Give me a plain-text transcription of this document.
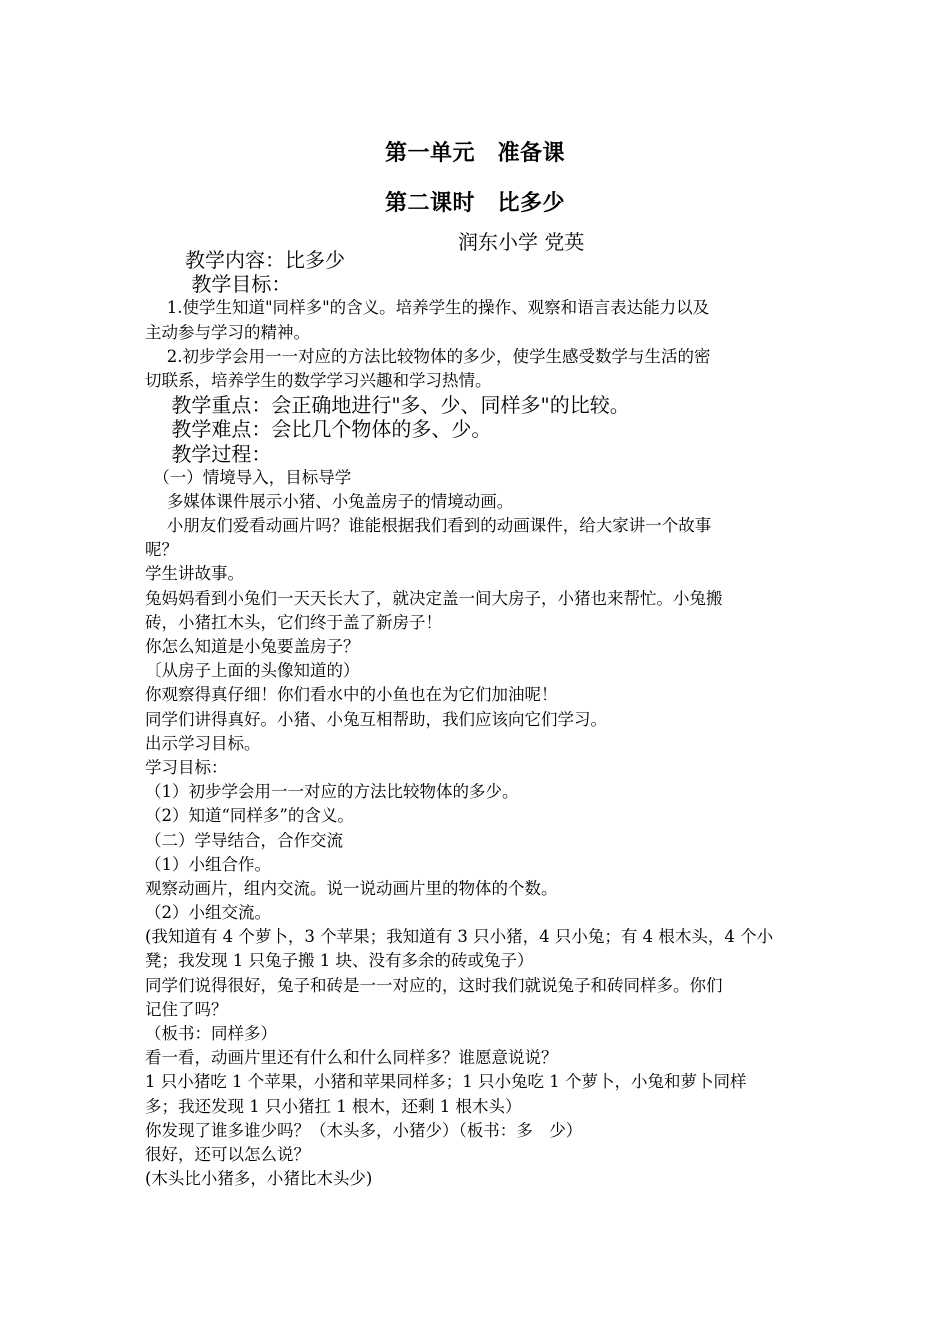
第一单元　准备课
第二课时　比多少
润东小学 党英
　　教学内容：比多少
　　 教学目标：
　 1.使学生知道"同样多"的含义。培养学生的操作、观察和语言表达能力以及
主动参与学习的精神。
　 2.初步学会用一一对应的方法比较物体的多少，使学生感受数学与生活的密
切联系，培养学生的数学学习兴趣和学习热情。
　 教学重点：会正确地进行"多、少、同样多"的比较。
　 教学难点：会比几个物体的多、少。
　 教学过程：
　（一）情境导入，目标导学
　 多媒体课件展示小猪、小兔盖房子的情境动画。
　 小朋友们爱看动画片吗？谁能根据我们看到的动画课件，给大家讲一个故事
呢？
学生讲故事。
兔妈妈看到小兔们一天天长大了，就决定盖一间大房子，小猪也来帮忙。小兔搬
砖，小猪扛木头，它们终于盖了新房子！
你怎么知道是小兔要盖房子？
〔从房子上面的头像知道的）
你观察得真仔细！你们看水中的小鱼也在为它们加油呢！
同学们讲得真好。小猪、小兔互相帮助，我们应该向它们学习。
出示学习目标。
学习目标：
（1）初步学会用一一对应的方法比较物体的多少。
（2）知道“同样多”的含义。
（二）学导结合，合作交流
（1）小组合作。
观察动画片，组内交流。说一说动画片里的物体的个数。
（2）小组交流。
(我知道有 4 个萝卜，3 个苹果；我知道有 3 只小猪，4 只小兔；有 4 根木头，4 个小
凳；我发现 1 只兔子搬 1 块、没有多余的砖或兔子）
同学们说得很好，兔子和砖是一一对应的，这时我们就说兔子和砖同样多。你们
记住了吗？
（板书：同样多）
看一看，动画片里还有什么和什么同样多？谁愿意说说？
1 只小猪吃 1 个苹果，小猪和苹果同样多；1 只小兔吃 1 个萝卜，小兔和萝卜同样
多；我还发现 1 只小猪扛 1 根木，还剩 1 根木头）
你发现了谁多谁少吗？（木头多，小猪少）（板书：多　少）
很好，还可以怎么说？
(木头比小猪多，小猪比木头少)
